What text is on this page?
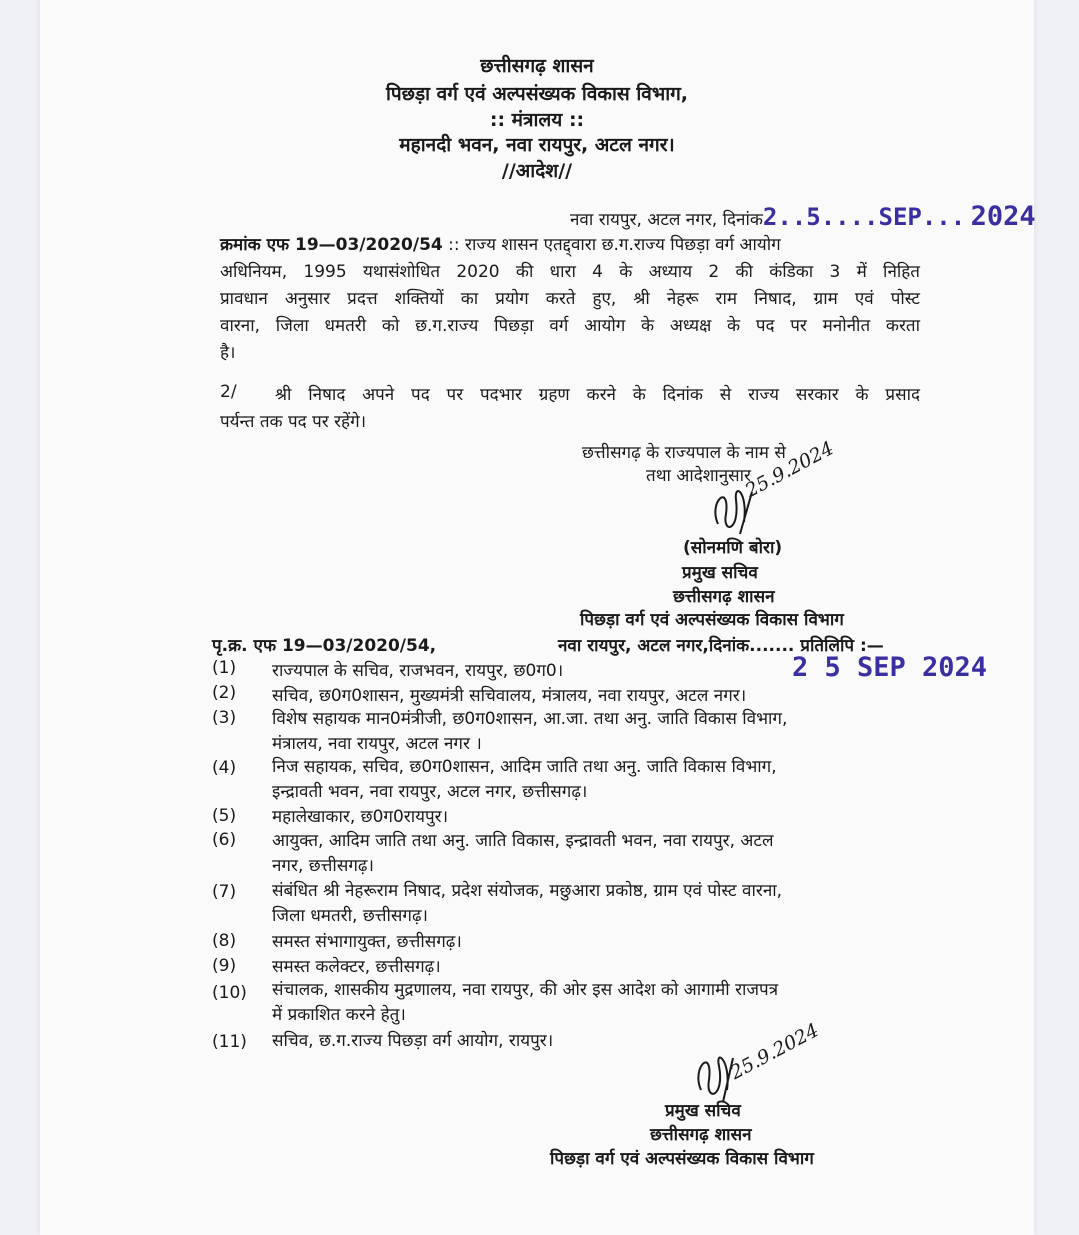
छत्तीसगढ़ शासन
पिछड़ा वर्ग एवं अल्पसंख्यक विकास विभाग,
:: मंत्रालय ::
महानदी भवन, नवा रायपुर, अटल नगर।
//आदेश//
नवा रायपुर, अटल नगर, दिनांक2..5....SEP... 2024
क्रमांक एफ 19—03/2020/54 :: राज्य शासन एतद्द्वारा छ.ग.राज्य पिछड़ा वर्ग आयोग
अधिनियम, 1995 यथासंशोधित 2020 की धारा 4 के अध्याय 2 की कंडिका 3 में निहित
प्रावधान अनुसार प्रदत्त शक्तियों का प्रयोग करते हुए, श्री नेहरू राम निषाद, ग्राम एवं पोस्ट
वारना, जिला धमतरी को छ.ग.राज्य पिछड़ा वर्ग आयोग के अध्यक्ष के पद पर मनोनीत करता
है।
2/ श्री निषाद अपने पद पर पदभार ग्रहण करने के दिनांक से राज्य सरकार के प्रसाद
पर्यन्त तक पद पर रहेंगे।
छत्तीसगढ़ के राज्यपाल के नाम से
तथा आदेशानुसार
25.9.2024
(सोनमणि बोरा)
प्रमुख सचिव
छत्तीसगढ़ शासन
पिछड़ा वर्ग एवं अल्पसंख्यक विकास विभाग
पृ.क्र. एफ 19—03/2020/54,	नवा रायपुर, अटल नगर,दिनांक....... प्रतिलिपि :—
2 5 SEP 2024
(1)	राज्यपाल के सचिव, राजभवन, रायपुर, छ0ग0।
(2)	सचिव, छ0ग0शासन, मुख्यमंत्री सचिवालय, मंत्रालय, नवा रायपुर, अटल नगर।
(3)	विशेष सहायक मान0मंत्रीजी, छ0ग0शासन, आ.जा. तथा अनु. जाति विकास विभाग,
मंत्रालय, नवा रायपुर, अटल नगर ।
(4)	निज सहायक, सचिव, छ0ग0शासन, आदिम जाति तथा अनु. जाति विकास विभाग,
इन्द्रावती भवन, नवा रायपुर, अटल नगर, छत्तीसगढ़।
(5)	महालेखाकार, छ0ग0रायपुर।
(6)	आयुक्त, आदिम जाति तथा अनु. जाति विकास, इन्द्रावती भवन, नवा रायपुर, अटल
नगर, छत्तीसगढ़।
(7)	संबंधित श्री नेहरूराम निषाद, प्रदेश संयोजक, मछुआरा प्रकोष्ठ, ग्राम एवं पोस्ट वारना,
जिला धमतरी, छत्तीसगढ़।
(8)	समस्त संभागायुक्त, छत्तीसगढ़।
(9)	समस्त कलेक्टर, छत्तीसगढ़।
(10) संचालक, शासकीय मुद्रणालय, नवा रायपुर, की ओर इस आदेश को आगामी राजपत्र
में प्रकाशित करने हेतु।
(11) सचिव, छ.ग.राज्य पिछड़ा वर्ग आयोग, रायपुर।	25.9.2024
प्रमुख सचिव
छत्तीसगढ़ शासन
पिछड़ा वर्ग एवं अल्पसंख्यक विकास विभाग
